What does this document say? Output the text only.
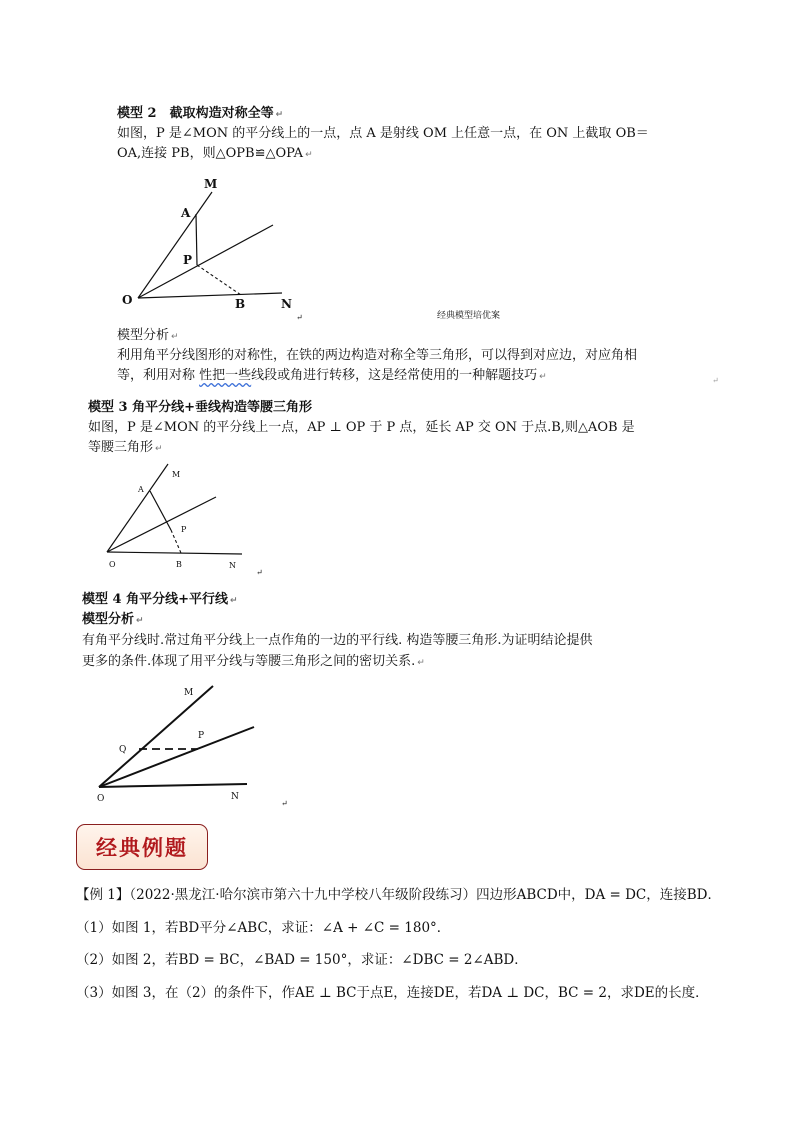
模型 2　截取构造对称全等 ↵
如图，P 是∠MON 的平分线上的一点，点 A 是射线 OM 上任意一点，在 ON 上截取 OB＝
OA,连接 PB，则△OPB≌△OPA ↵
M
A
P
O	B	N
↵	经典模型培优案
模型分析 ↵
利用角平分线图形的对称性，在铁的两边构造对称全等三角形，可以得到对应边，对应角相
等，利用对称 性把一些线段或角进行转移，这是经常使用的一种解题技巧 ↵	↵
模型 3 角平分线+垂线构造等腰三角形
如图，P 是∠MON 的平分线上一点，AP ⊥ OP 于 P 点，延长 AP 交 ON 于点.B,则△AOB 是
等腰三角形 ↵
M
A
P
O	B	N
↵
模型 4 角平分线+平行线 ↵
模型分析 ↵
有角平分线时.常过角平分线上一点作角的一边的平行线. 构造等腰三角形.为证明结论提供
更多的条件.体现了用平分线与等腰三角形之间的密切关系. ↵
M
Q
P
O	N
↵
经典例题
【例 1】（2022·黑龙江·哈尔滨市第六十九中学校八年级阶段练习）四边形ABCD中，DA = DC，连接BD．
（1）如图 1，若BD平分∠ABC，求证：∠A + ∠C = 180°．
（2）如图 2，若BD = BC，∠BAD = 150°，求证：∠DBC = 2∠ABD．
（3）如图 3，在（2）的条件下，作AE ⊥ BC于点E，连接DE，若DA ⊥ DC，BC = 2，求DE的长度．
